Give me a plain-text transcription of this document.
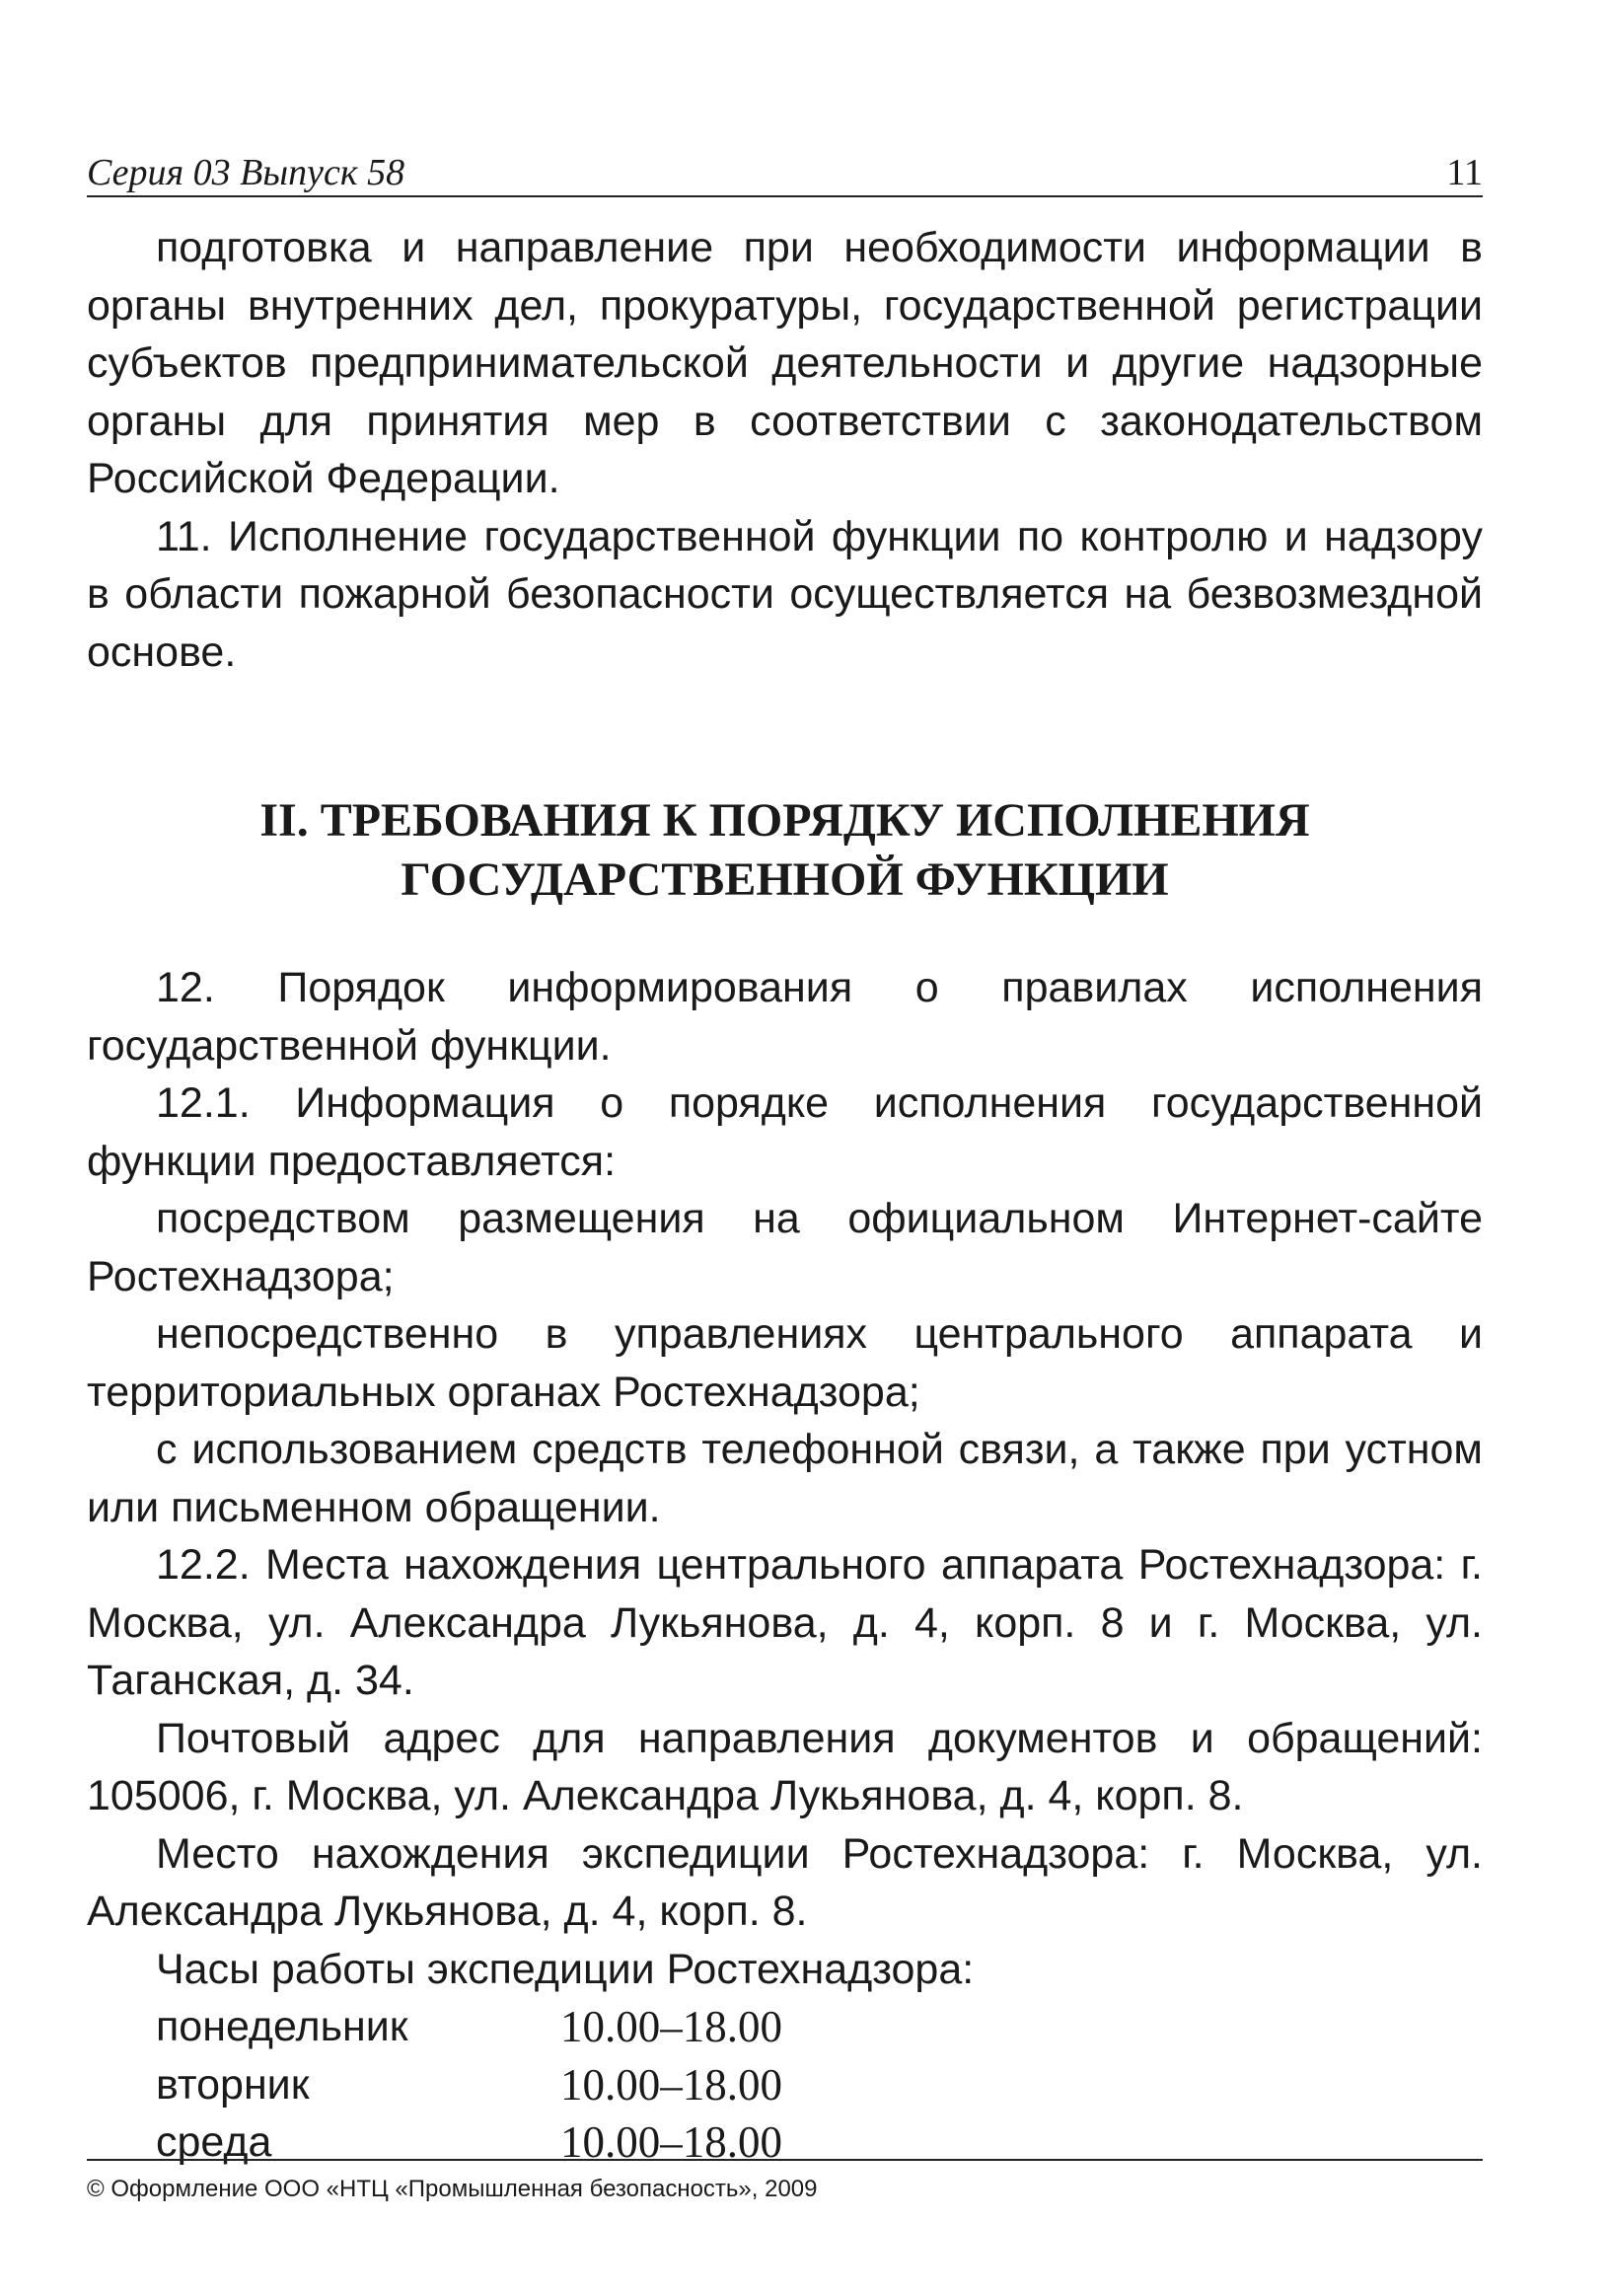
Серия 03 Выпуск 58	11

подготовка и направление при необходимости информации в органы внутренних дел, прокуратуры, государственной регистрации субъектов предпринимательской деятельности и другие надзорные органы для принятия мер в соответствии с законодательством Российской Федерации.

11. Исполнение государственной функции по контролю и надзору в области пожарной безопасности осуществляется на безвозмездной основе.

II. ТРЕБОВАНИЯ К ПОРЯДКУ ИСПОЛНЕНИЯ
ГОСУДАРСТВЕННОЙ ФУНКЦИИ

12. Порядок информирования о правилах исполнения государственной функции.

12.1. Информация о порядке исполнения государственной функции предоставляется:

посредством размещения на официальном Интернет-сайте Ростехнадзора;

непосредственно в управлениях центрального аппарата и территориальных органах Ростехнадзора;

с использованием средств телефонной связи, а также при устном или письменном обращении.

12.2. Места нахождения центрального аппарата Ростехнадзора: г. Москва, ул. Александра Лукьянова, д. 4, корп. 8 и г. Москва, ул. Таганская, д. 34.

Почтовый адрес для направления документов и обращений: 105006, г. Москва, ул. Александра Лукьянова, д. 4, корп. 8.

Место нахождения экспедиции Ростехнадзора: г. Москва, ул. Александра Лукьянова, д. 4, корп. 8.

Часы работы экспедиции Ростехнадзора:

понедельник	10.00–18.00
вторник	10.00–18.00
среда	10.00–18.00
© Оформление ООО «НТЦ «Промышленная безопасность», 2009
